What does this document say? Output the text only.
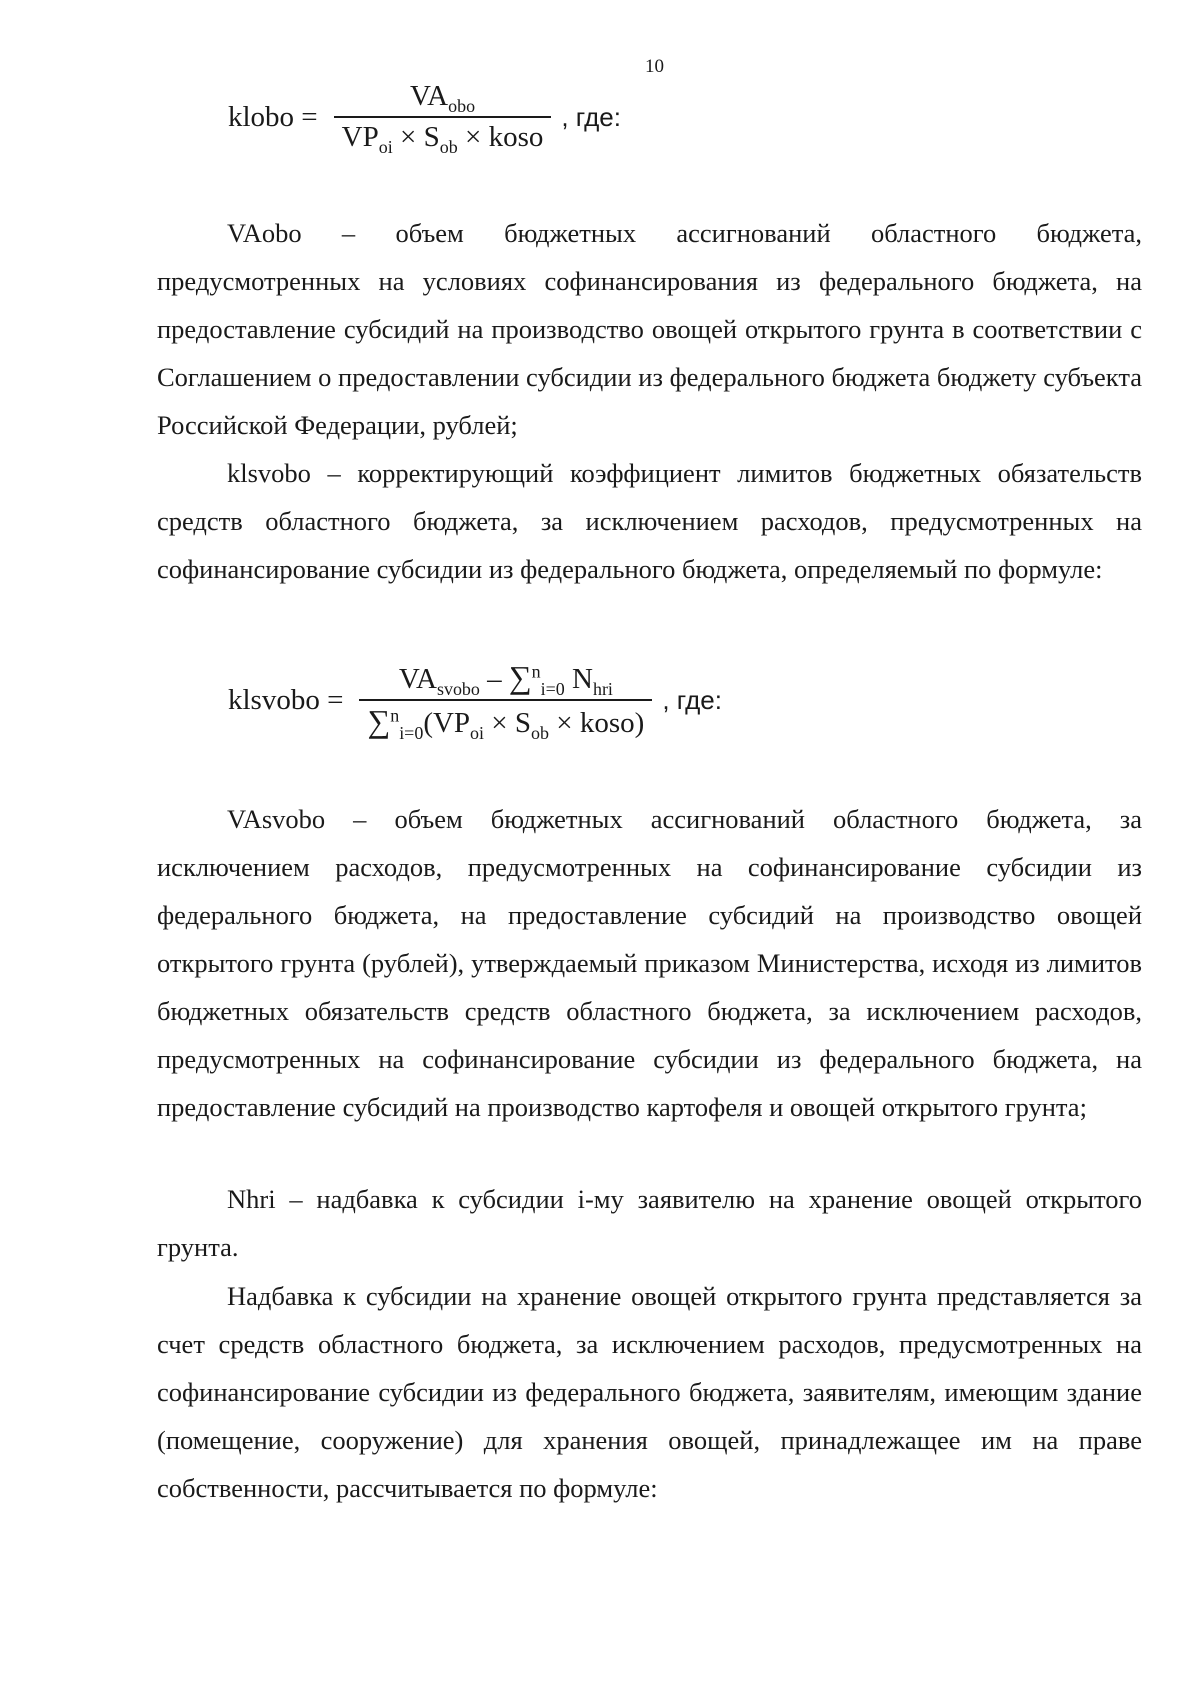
10
klobo = $\frac{VA_{obo}}{VP_{oi} \times S_{ob} \times koso}$ , где:

VAobo – объем бюджетных ассигнований областного бюджета, предусмотренных на условиях софинансирования из федерального бюджета, на предоставление субсидий на производство овощей открытого грунта в соответствии с Соглашением о предоставлении субсидии из федерального бюджета бюджету субъекта Российской Федерации, рублей;

klsvobo – корректирующий коэффициент лимитов бюджетных обязательств средств областного бюджета, за исключением расходов, предусмотренных на софинансирование субсидии из федерального бюджета, определяемый по формуле:

klsvobo = $\frac{VA_{svobo} - \sum^n_{i=0} N_{hri}}{\sum^n_{i=0}(VP_{oi} \times S_{ob} \times koso)}$ , где:

VAsvobo – объем бюджетных ассигнований областного бюджета, за исключением расходов, предусмотренных на софинансирование субсидии из федерального бюджета, на предоставление субсидий на производство овощей открытого грунта (рублей), утверждаемый приказом Министерства, исходя из лимитов бюджетных обязательств средств областного бюджета, за исключением расходов, предусмотренных на софинансирование субсидии из федерального бюджета, на предоставление субсидий на производство картофеля и овощей открытого грунта;

Nhri – надбавка к субсидии i-му заявителю на хранение овощей открытого грунта.

Надбавка к субсидии на хранение овощей открытого грунта представляется за счет средств областного бюджета, за исключением расходов, предусмотренных на софинансирование субсидии из федерального бюджета, заявителям, имеющим здание (помещение, сооружение) для хранения овощей, принадлежащее им на праве собственности, рассчитывается по формуле:
